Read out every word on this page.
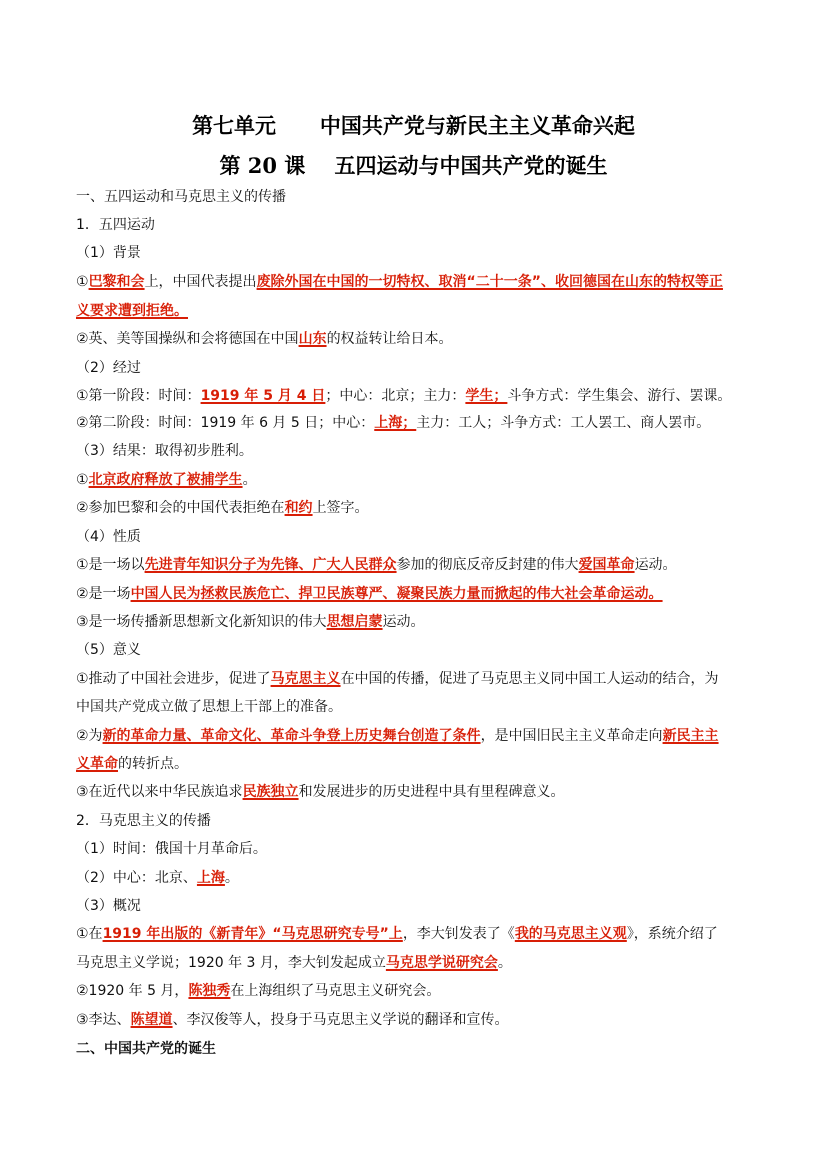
第七单元      中国共产党与新民主主义革命兴起
第 20 课    五四运动与中国共产党的诞生
一、五四运动和马克思主义的传播
1．五四运动
（1）背景
①巴黎和会上，中国代表提出废除外国在中国的一切特权、取消“二十一条”、收回德国在山东的特权等正
义要求遭到拒绝。
②英、美等国操纵和会将德国在中国山东的权益转让给日本。
（2）经过
①第一阶段：时间：1919 年 5 月 4 日；中心：北京；主力：学生；斗争方式：学生集会、游行、罢课。
②第二阶段：时间：1919 年 6 月 5 日；中心：上海；主力：工人；斗争方式：工人罢工、商人罢市。
（3）结果：取得初步胜利。
①北京政府释放了被捕学生。
②参加巴黎和会的中国代表拒绝在和约上签字。
（4）性质
①是一场以先进青年知识分子为先锋、广大人民群众参加的彻底反帝反封建的伟大爱国革命运动。
②是一场中国人民为拯救民族危亡、捍卫民族尊严、凝聚民族力量而掀起的伟大社会革命运动。
③是一场传播新思想新文化新知识的伟大思想启蒙运动。
（5）意义
①推动了中国社会进步，促进了马克思主义在中国的传播，促进了马克思主义同中国工人运动的结合，为
中国共产党成立做了思想上干部上的准备。
②为新的革命力量、革命文化、革命斗争登上历史舞台创造了条件，是中国旧民主主义革命走向新民主主
义革命的转折点。
③在近代以来中华民族追求民族独立和发展进步的历史进程中具有里程碑意义。
2．马克思主义的传播
（1）时间：俄国十月革命后。
（2）中心：北京、上海。
（3）概况
①在1919 年出版的《新青年》“马克思研究专号”上，李大钊发表了《我的马克思主义观》，系统介绍了
马克思主义学说；1920 年 3 月，李大钊发起成立马克思学说研究会。
②1920 年 5 月，陈独秀在上海组织了马克思主义研究会。
③李达、陈望道、李汉俊等人，投身于马克思主义学说的翻译和宣传。
二、中国共产党的诞生
